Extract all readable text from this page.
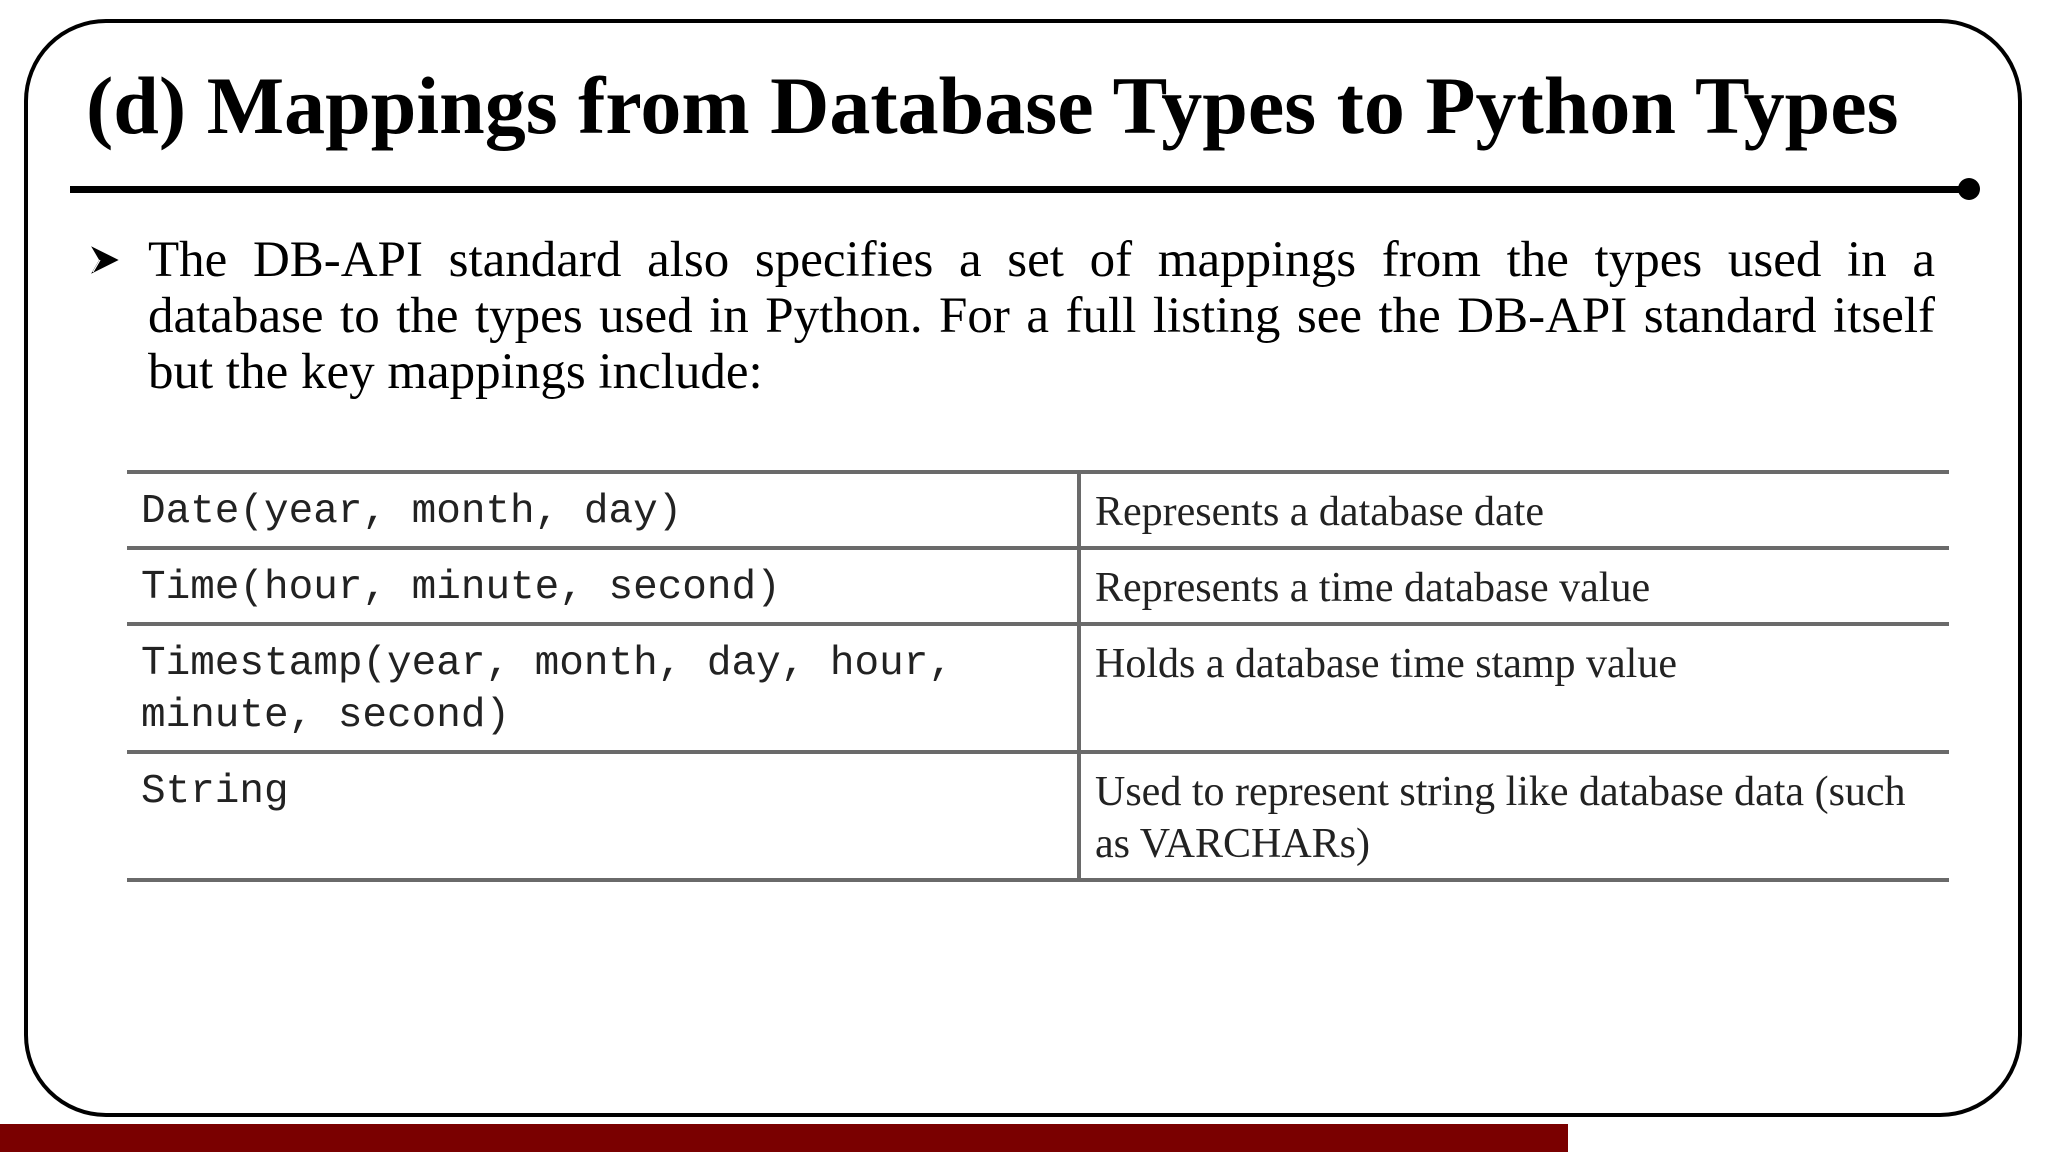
(d) Mappings from Database Types to Python Types

The DB-API standard also specifies a set of mappings from the types used in a database to the types used in Python. For a full listing see the DB-API standard itself but the key mappings include:

Date(year, month, day)	Represents a database date
Time(hour, minute, second)	Represents a time database value
Timestamp(year, month, day, hour, minute, second)	Holds a database time stamp value
String	Used to represent string like database data (such as VARCHARs)
